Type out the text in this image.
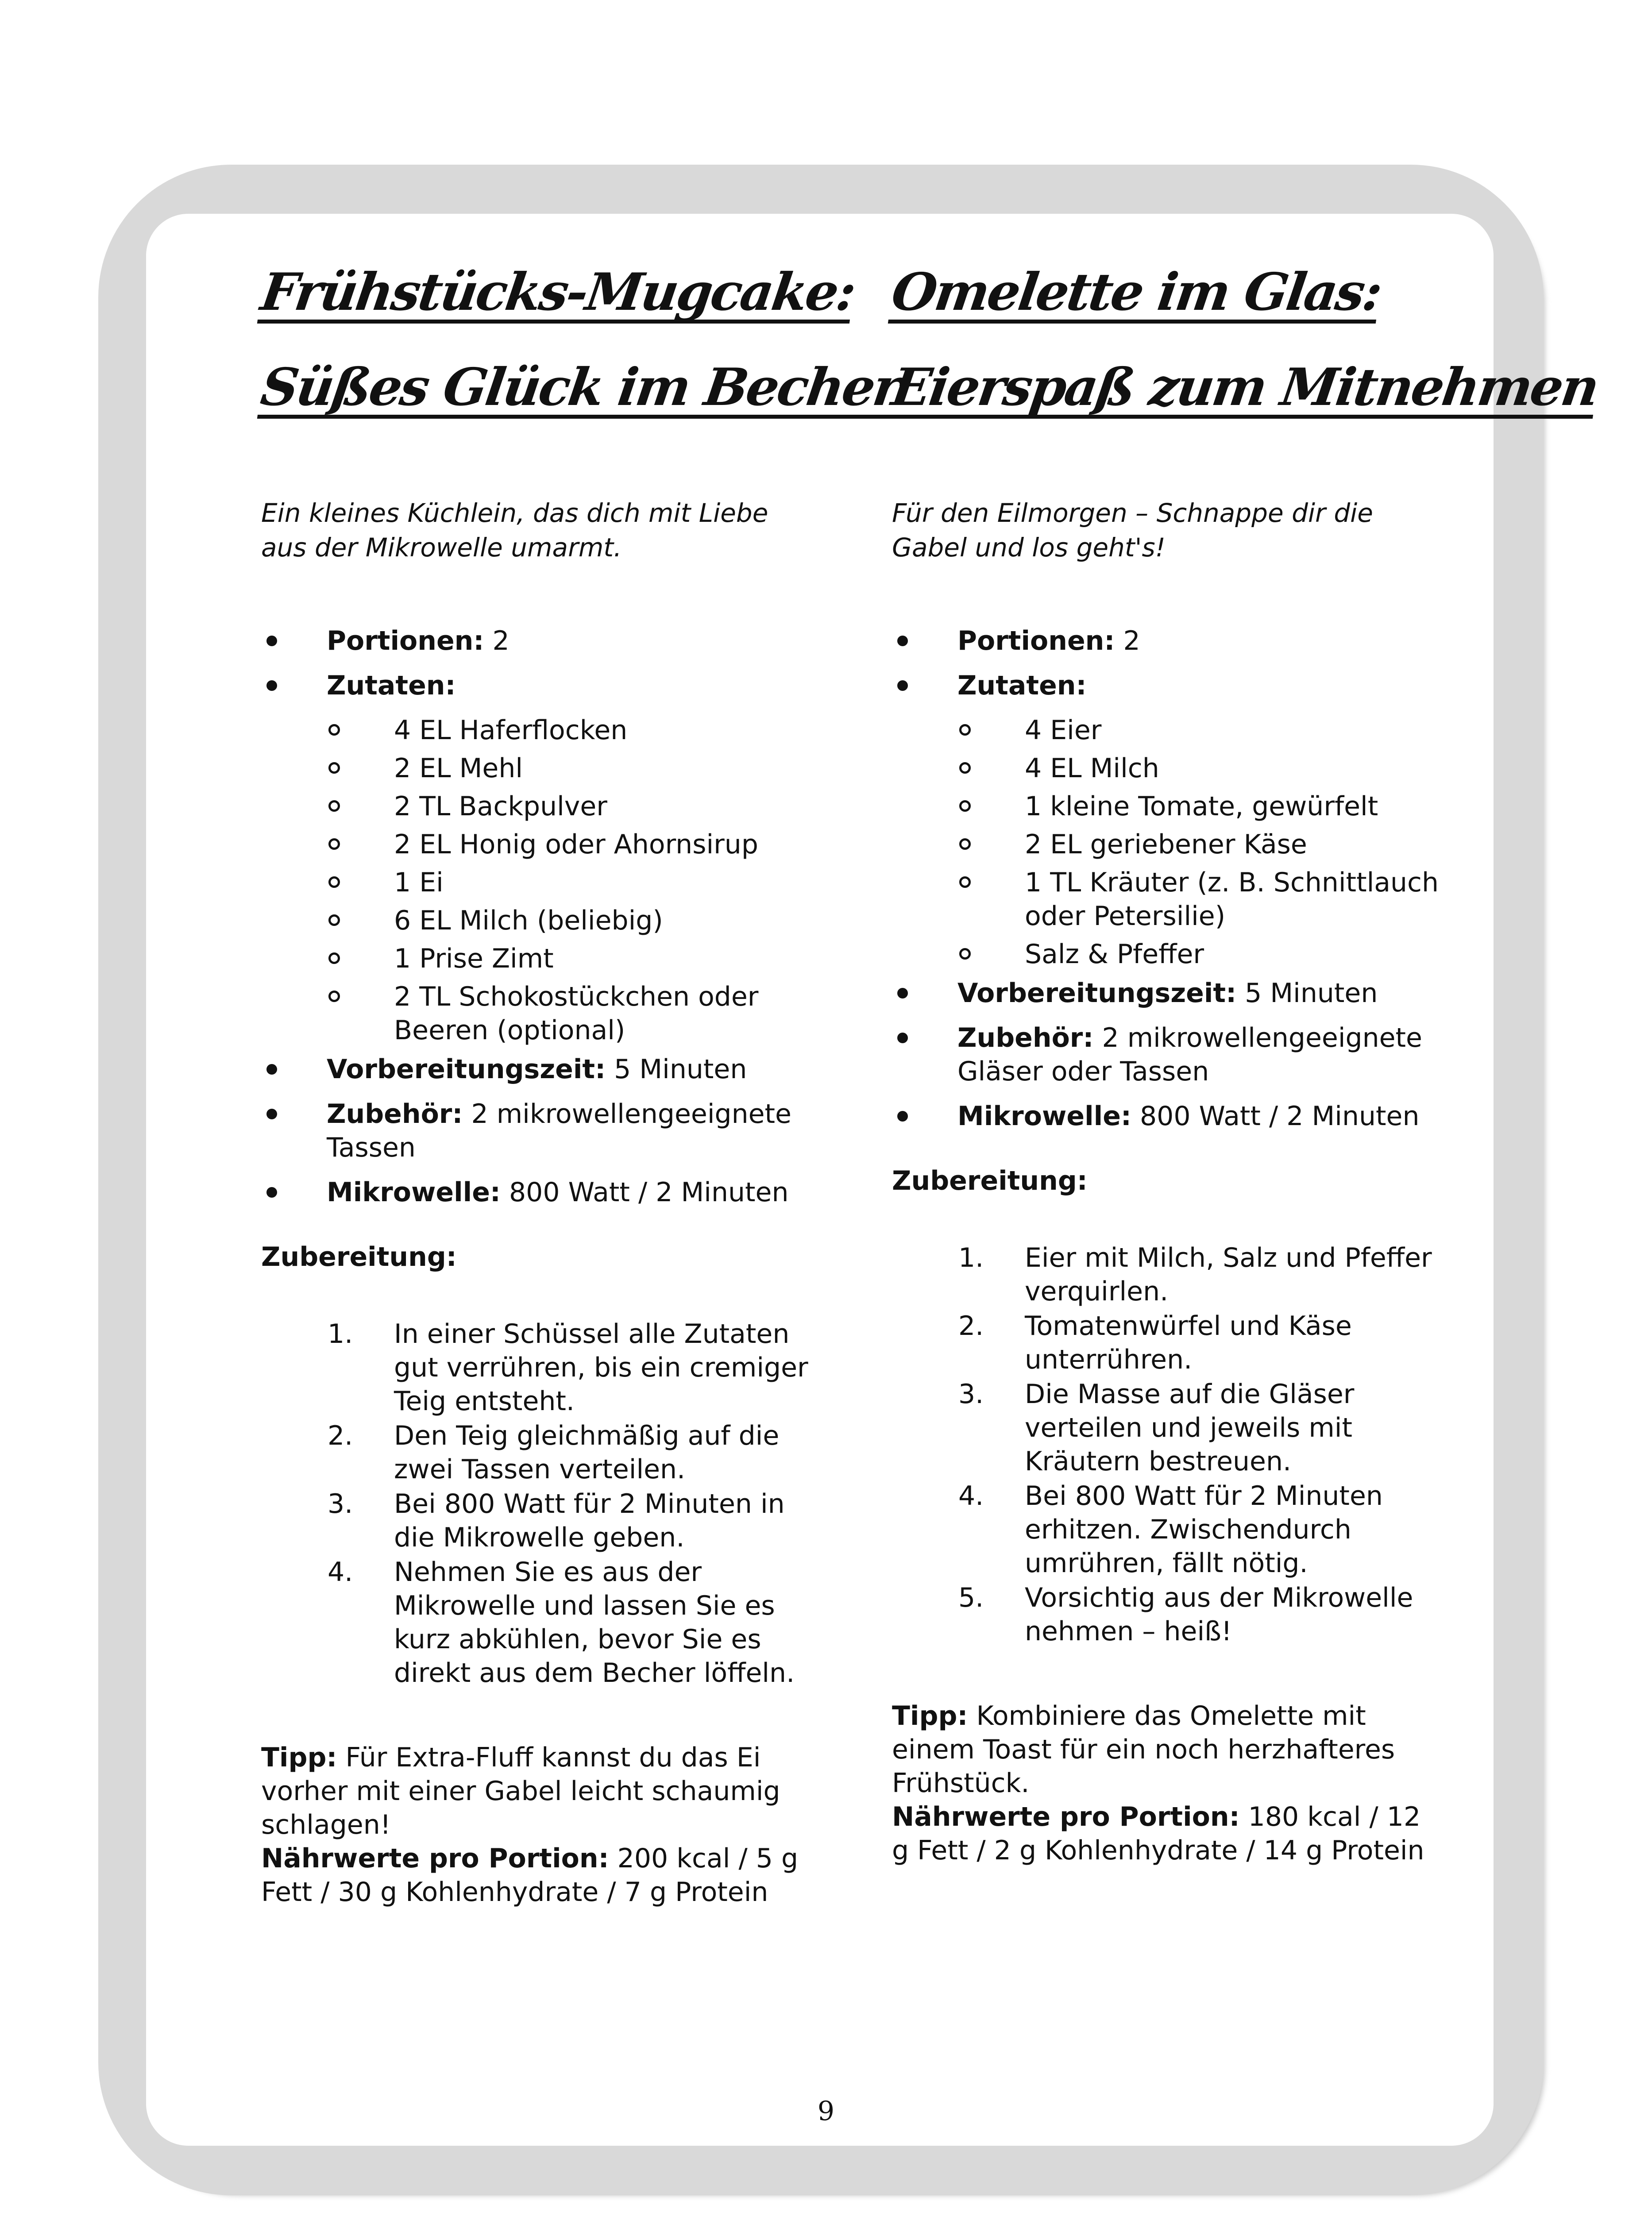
Frühstücks-Mugcake:
Süßes Glück im Becher
Ein kleines Küchlein, das dich mit Liebe aus der Mikrowelle umarmt.
Portionen: 2
Zutaten:
4 EL Haferflocken
2 EL Mehl
2 TL Backpulver
2 EL Honig oder Ahornsirup
1 Ei
6 EL Milch (beliebig)
1 Prise Zimt
2 TL Schokostückchen oder Beeren (optional)
Vorbereitungszeit: 5 Minuten
Zubehör: 2 mikrowellengeeignete Tassen
Mikrowelle: 800 Watt / 2 Minuten
Zubereitung:
1. In einer Schüssel alle Zutaten gut verrühren, bis ein cremiger Teig entsteht.
2. Den Teig gleichmäßig auf die zwei Tassen verteilen.
3. Bei 800 Watt für 2 Minuten in die Mikrowelle geben.
4. Nehmen Sie es aus der Mikrowelle und lassen Sie es kurz abkühlen, bevor Sie es direkt aus dem Becher löffeln.
Tipp: Für Extra-Fluff kannst du das Ei vorher mit einer Gabel leicht schaumig schlagen!
Nährwerte pro Portion: 200 kcal / 5 g Fett / 30 g Kohlenhydrate / 7 g Protein
Omelette im Glas:
Eierspaß zum Mitnehmen
Für den Eilmorgen – Schnappe dir die Gabel und los geht's!
Portionen: 2
Zutaten:
4 Eier
4 EL Milch
1 kleine Tomate, gewürfelt
2 EL geriebener Käse
1 TL Kräuter (z. B. Schnittlauch oder Petersilie)
Salz & Pfeffer
Vorbereitungszeit: 5 Minuten
Zubehör: 2 mikrowellengeeignete Gläser oder Tassen
Mikrowelle: 800 Watt / 2 Minuten
Zubereitung:
1. Eier mit Milch, Salz und Pfeffer verquirlen.
2. Tomatenwürfel und Käse unterrühren.
3. Die Masse auf die Gläser verteilen und jeweils mit Kräutern bestreuen.
4. Bei 800 Watt für 2 Minuten erhitzen. Zwischendurch umrühren, fällt nötig.
5. Vorsichtig aus der Mikrowelle nehmen – heiß!
Tipp: Kombiniere das Omelette mit einem Toast für ein noch herzhafteres Frühstück.
Nährwerte pro Portion: 180 kcal / 12 g Fett / 2 g Kohlenhydrate / 14 g Protein
9
